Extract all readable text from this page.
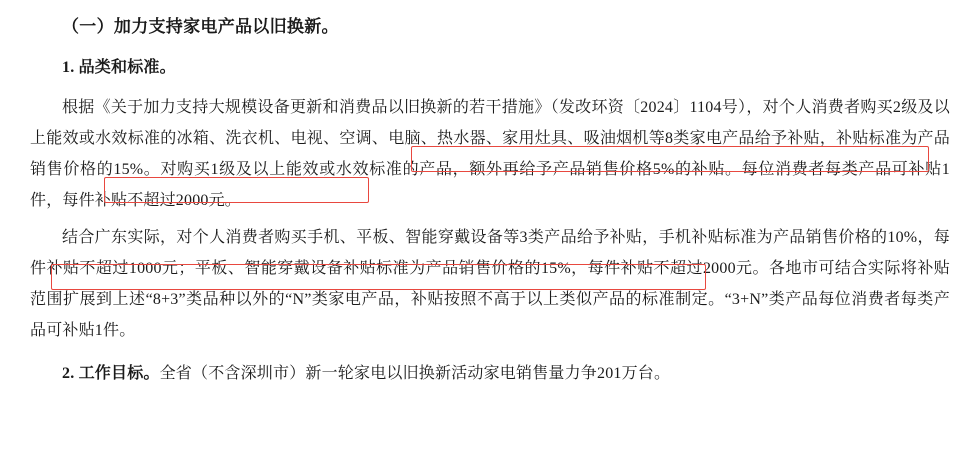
（一）加力支持家电产品以旧换新。
1. 品类和标准。
根据《关于加力支持大规模设备更新和消费品以旧换新的若干措施》（发改环资〔2024〕1104号），对个人消费者购买2级及以上能效或水效标准的冰箱、洗衣机、电视、空调、电脑、热水器、家用灶具、吸油烟机等8类家电产品给予补贴，补贴标准为产品销售价格的15%。对购买1级及以上能效或水效标准的产品，额外再给予产品销售价格5%的补贴。每位消费者每类产品可补贴1件，每件补贴不超过2000元。
结合广东实际，对个人消费者购买手机、平板、智能穿戴设备等3类产品给予补贴，手机补贴标准为产品销售价格的10%，每件补贴不超过1000元；平板、智能穿戴设备补贴标准为产品销售价格的15%，每件补贴不超过2000元。各地市可结合实际将补贴范围扩展到上述“8+3”类品种以外的“N”类家电产品，补贴按照不高于以上类似产品的标准制定。“3+N”类产品每位消费者每类产品可补贴1件。
2. 工作目标。全省（不含深圳市）新一轮家电以旧换新活动家电销售量力争201万台。
